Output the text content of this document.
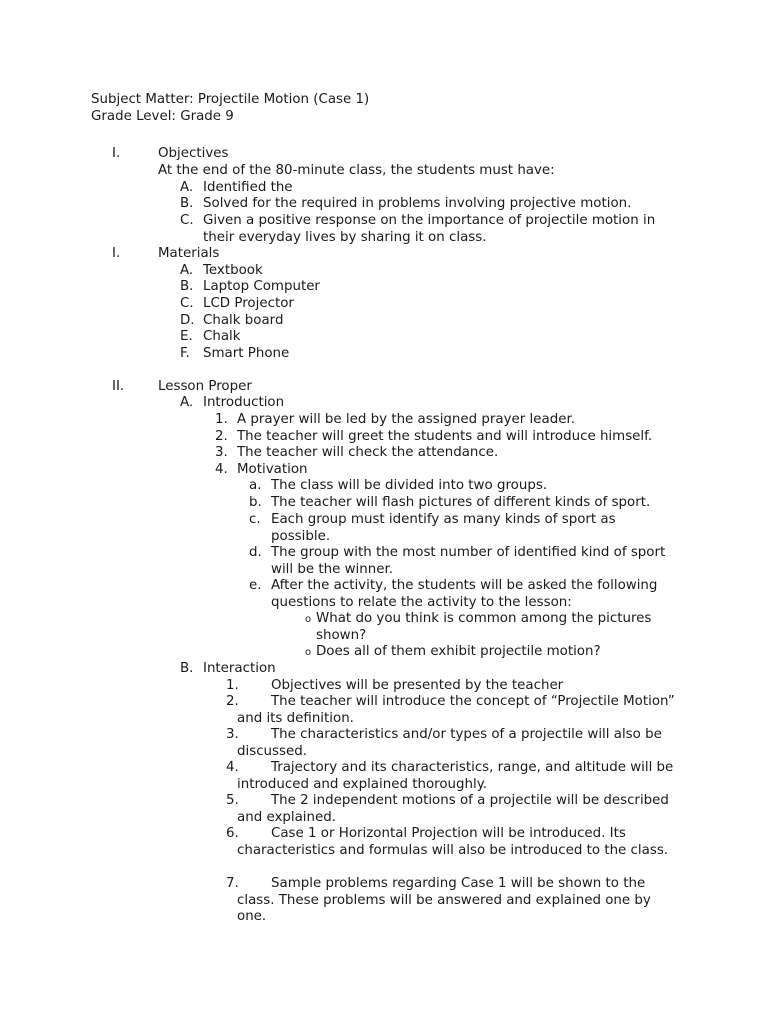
Subject Matter: Projectile Motion (Case 1)
Grade Level: Grade 9
I.	Objectives
At the end of the 80-minute class, the students must have:
A. Identified the
B. Solved for the required in problems involving projective motion.
C. Given a positive response on the importance of projectile motion in their everyday lives by sharing it on class.
I.	Materials
A. Textbook
B. Laptop Computer
C. LCD Projector
D. Chalk board
E. Chalk
F. Smart Phone
II.	Lesson Proper
A. Introduction
1. A prayer will be led by the assigned prayer leader.
2. The teacher will greet the students and will introduce himself.
3. The teacher will check the attendance.
4. Motivation
a. The class will be divided into two groups.
b. The teacher will flash pictures of different kinds of sport.
c. Each group must identify as many kinds of sport as possible.
d. The group with the most number of identified kind of sport will be the winner.
e. After the activity, the students will be asked the following questions to relate the activity to the lesson:
o What do you think is common among the pictures shown?
o Does all of them exhibit projectile motion?
B. Interaction
1. Objectives will be presented by the teacher
2.	The teacher will introduce the concept of “Projectile Motion” and its definition.
3.	The characteristics and/or types of a projectile will also be discussed.
4.	Trajectory and its characteristics, range, and altitude will be introduced and explained thoroughly.
5.	The 2 independent motions of a projectile will be described and explained.
6.	Case 1 or Horizontal Projection will be introduced. Its characteristics and formulas will also be introduced to the class.
7.	Sample problems regarding Case 1 will be shown to the class. These problems will be answered and explained one by one.
